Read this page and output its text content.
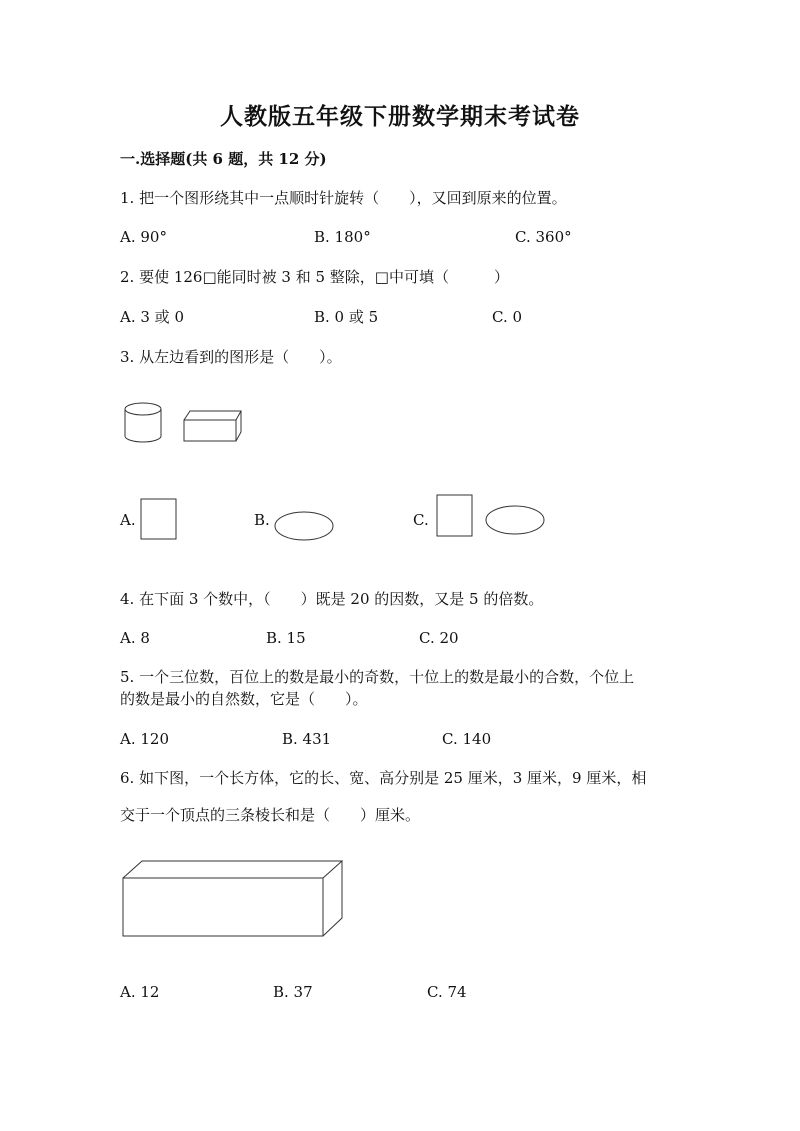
人教版五年级下册数学期末考试卷
一.选择题(共 6 题，共 12 分)
1. 把一个图形绕其中一点顺时针旋转（　　），又回到原来的位置。
A. 90°	B. 180°	C. 360°
2. 要使 126□能同时被 3 和 5 整除，□中可填（　　　）
A. 3 或 0	B. 0 或 5	C. 0
3. 从左边看到的图形是（　　）。
A.	B.	C.
4. 在下面 3 个数中，（　　）既是 20 的因数，又是 5 的倍数。
A. 8	B. 15	C. 20
5. 一个三位数，百位上的数是最小的奇数，十位上的数是最小的合数，个位上
的数是最小的自然数，它是（　　）。
A. 120	B. 431	C. 140
6. 如下图，一个长方体，它的长、宽、高分别是 25 厘米，3 厘米，9 厘米，相
交于一个顶点的三条棱长和是（　　）厘米。
A. 12	B. 37	C. 74
